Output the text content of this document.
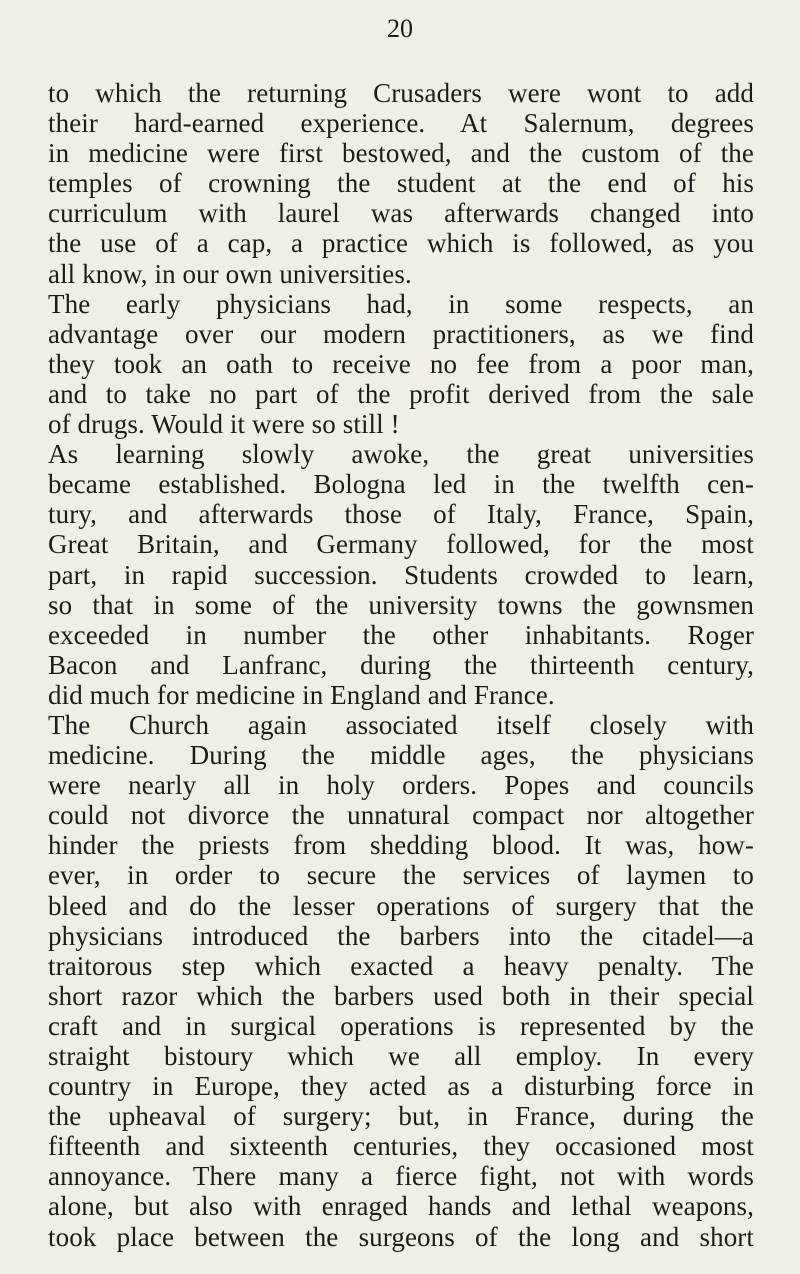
20
to which the returning Crusaders were wont to add
their hard-earned experience. At Salernum, degrees
in medicine were first bestowed, and the custom of the
temples of crowning the student at the end of his
curriculum with laurel was afterwards changed into
the use of a cap, a practice which is followed, as you
all know, in our own universities.
The early physicians had, in some respects, an
advantage over our modern practitioners, as we find
they took an oath to receive no fee from a poor man,
and to take no part of the profit derived from the sale
of drugs. Would it were so still !
As learning slowly awoke, the great universities
became established. Bologna led in the twelfth cen-
tury, and afterwards those of Italy, France, Spain,
Great Britain, and Germany followed, for the most
part, in rapid succession. Students crowded to learn,
so that in some of the university towns the gownsmen
exceeded in number the other inhabitants. Roger
Bacon and Lanfranc, during the thirteenth century,
did much for medicine in England and France.
The Church again associated itself closely with
medicine. During the middle ages, the physicians
were nearly all in holy orders. Popes and councils
could not divorce the unnatural compact nor altogether
hinder the priests from shedding blood. It was, how-
ever, in order to secure the services of laymen to
bleed and do the lesser operations of surgery that the
physicians introduced the barbers into the citadel—a
traitorous step which exacted a heavy penalty. The
short razor which the barbers used both in their special
craft and in surgical operations is represented by the
straight bistoury which we all employ. In every
country in Europe, they acted as a disturbing force in
the upheaval of surgery; but, in France, during the
fifteenth and sixteenth centuries, they occasioned most
annoyance. There many a fierce fight, not with words
alone, but also with enraged hands and lethal weapons,
took place between the surgeons of the long and short
